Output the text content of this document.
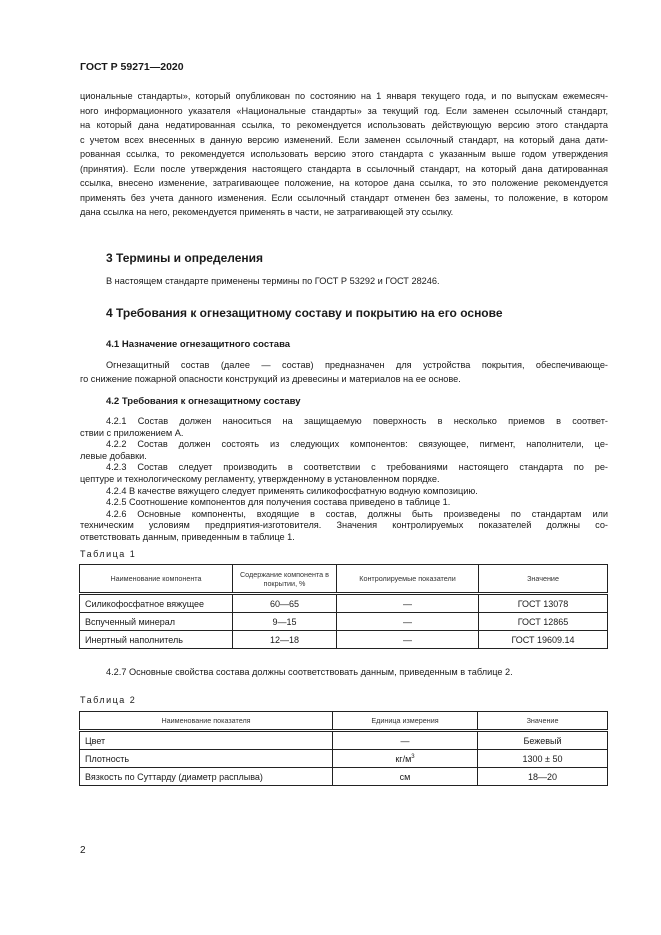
ГОСТ Р 59271—2020
циональные стандарты», который опубликован по состоянию на 1 января текущего года, и по выпускам ежемесяч-
ного информационного указателя «Национальные стандарты» за текущий год. Если заменен ссылочный стандарт,
на который дана недатированная ссылка, то рекомендуется использовать действующую версию этого стандарта
с учетом всех внесенных в данную версию изменений. Если заменен ссылочный стандарт, на который дана дати-
рованная ссылка, то рекомендуется использовать версию этого стандарта с указанным выше годом утверждения
(принятия). Если после утверждения настоящего стандарта в ссылочный стандарт, на который дана датированная
ссылка, внесено изменение, затрагивающее положение, на которое дана ссылка, то это положение рекомендуется
применять без учета данного изменения. Если ссылочный стандарт отменен без замены, то положение, в котором
дана ссылка на него, рекомендуется применять в части, не затрагивающей эту ссылку.
3 Термины и определения
В настоящем стандарте применены термины по ГОСТ Р 53292 и ГОСТ 28246.
4 Требования к огнезащитному составу и покрытию на его основе
4.1 Назначение огнезащитного состава
Огнезащитный состав (далее — состав) предназначен для устройства покрытия, обеспечивающе-
го снижение пожарной опасности конструкций из древесины и материалов на ее основе.
4.2 Требования к огнезащитному составу
4.2.1 Состав должен наноситься на защищаемую поверхность в несколько приемов в соответ-
ствии с приложением А.
4.2.2 Состав должен состоять из следующих компонентов: связующее, пигмент, наполнители, це-
левые добавки.
4.2.3 Состав следует производить в соответствии с требованиями настоящего стандарта по ре-
цептуре и технологическому регламенту, утвержденному в установленном порядке.
4.2.4 В качестве вяжущего следует применять силикофосфатную водную композицию.
4.2.5 Соотношение компонентов для получения состава приведено в таблице 1.
4.2.6 Основные компоненты, входящие в состав, должны быть произведены по стандартам или
техническим условиям предприятия-изготовителя. Значения контролируемых показателей должны со-
ответствовать данным, приведенным в таблице 1.
Таблица 1
Наименование компонента	Содержание компонента в покрытии, %	Контролируемые показатели	Значение
Силикофосфатное вяжущее	60—65	—	ГОСТ 13078
Вспученный минерал	9—15	—	ГОСТ 12865
Инертный наполнитель	12—18	—	ГОСТ 19609.14
4.2.7 Основные свойства состава должны соответствовать данным, приведенным в таблице 2.
Таблица 2
Наименование показателя	Единица измерения	Значение
Цвет	—	Бежевый
Плотность	$кг/м^3$	1300 ± 50
Вязкость по Суттарду (диаметр расплыва)	см	18—20
2
